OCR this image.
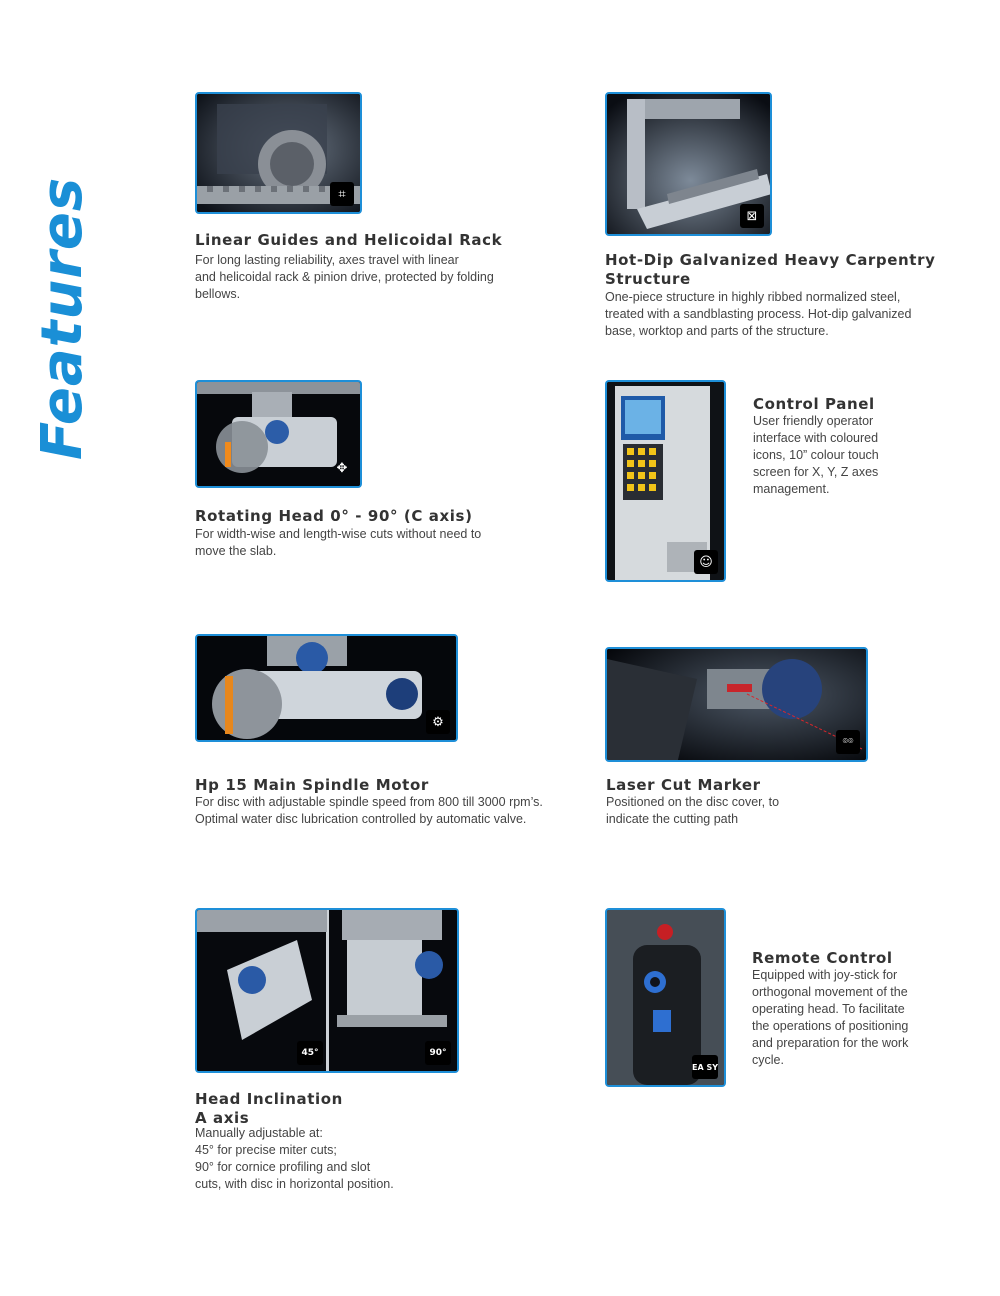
Features	⌗

Linear Guides and Helicoidal Rack

For long lasting reliability, axes travel with linear
and helicoidal rack & pinion drive, protected by folding
bellows.

⊠

Hot-Dip Galvanized Heavy Carpentry
Structure

One-piece structure in highly ribbed normalized steel,
treated with a sandblasting process. Hot-dip galvanized
base, worktop and parts of the structure.

✥

Rotating Head 0° - 90° (C axis)

For width-wise and length-wise cuts without need to
move the slab.

☺

Control Panel

User friendly operator
interface with coloured
icons, 10” colour touch
screen for X, Y, Z axes
management.

⚙

Hp 15 Main Spindle Motor

For disc with adjustable spindle speed from 800 till 3000 rpm’s.
Optimal water disc lubrication controlled by automatic valve.

⌾⌾

Laser Cut Marker

Positioned on the disc cover, to
indicate the cutting path

45°	90°

Head Inclination
A axis

Manually adjustable at:
45° for precise miter cuts;
90° for cornice profiling and slot
cuts, with disc in horizontal position.

EA SY

Remote Control

Equipped with joy-stick for
orthogonal movement of the
operating head. To facilitate
the operations of positioning
and preparation for the work
cycle.
